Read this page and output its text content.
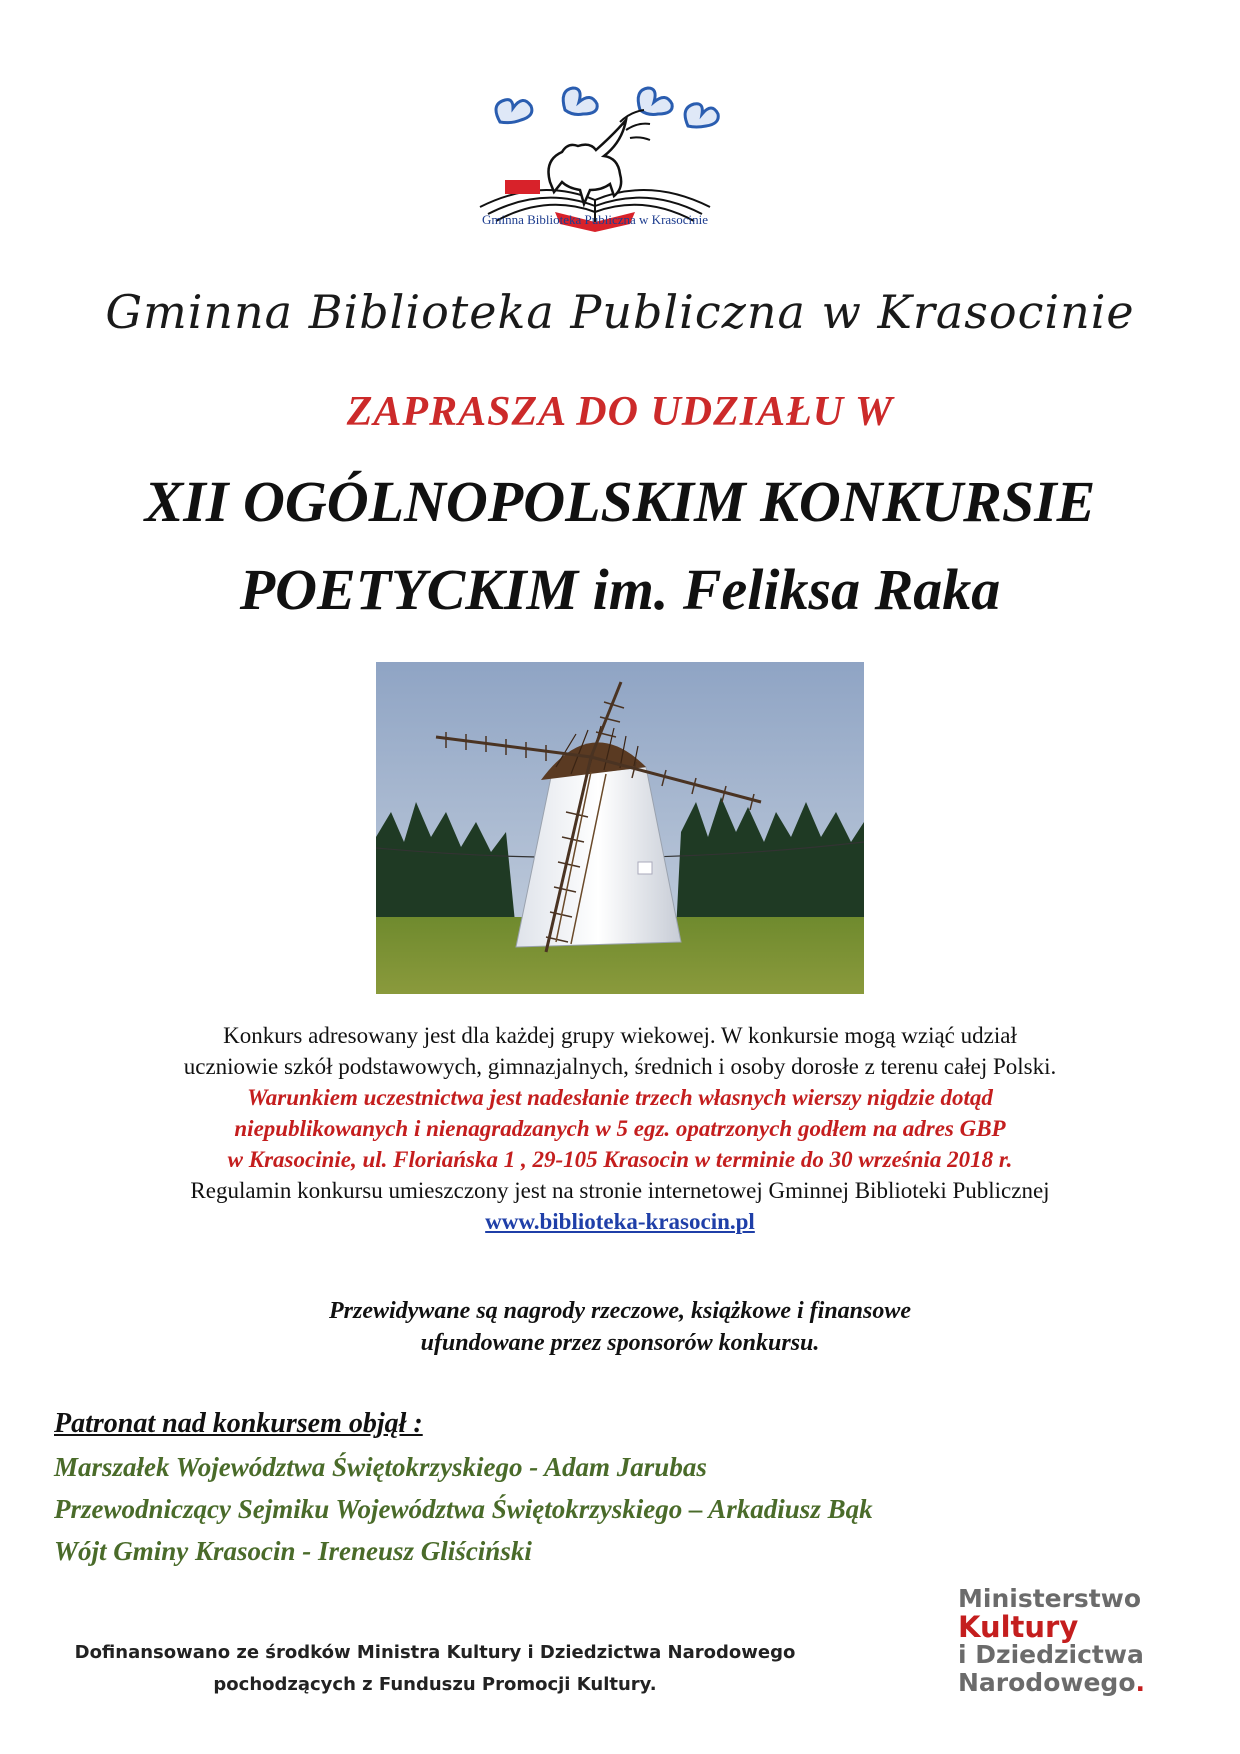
Gminna Biblioteka Publiczna w Krasocinie
Gminna Biblioteka Publiczna w Krasocinie
ZAPRASZA DO UDZIAŁU W
XII OGÓLNOPOLSKIM KONKURSIE
POETYCKIM im. Feliksa Raka
Konkurs adresowany jest dla każdej grupy wiekowej. W konkursie mogą wziąć udział
uczniowie szkół podstawowych, gimnazjalnych, średnich i osoby dorosłe z terenu całej Polski.
Warunkiem uczestnictwa jest nadesłanie trzech własnych wierszy nigdzie dotąd
niepublikowanych i nienagradzanych w 5 egz. opatrzonych godłem na adres GBP
w Krasocinie, ul. Floriańska 1 , 29-105 Krasocin w terminie do 30 września 2018 r.
Regulamin konkursu umieszczony jest na stronie internetowej Gminnej Biblioteki Publicznej
www.biblioteka-krasocin.pl
Przewidywane są nagrody rzeczowe, książkowe i finansowe
ufundowane przez sponsorów konkursu.
Patronat nad konkursem objął :
Marszałek Województwa Świętokrzyskiego - Adam Jarubas
Przewodniczący Sejmiku Województwa Świętokrzyskiego – Arkadiusz Bąk
Wójt Gminy Krasocin - Ireneusz Gliściński
Dofinansowano ze środków Ministra Kultury i Dziedzictwa Narodowego
pochodzących z Funduszu Promocji Kultury.
Ministerstwo
Kultury
i Dziedzictwa
Narodowego.
